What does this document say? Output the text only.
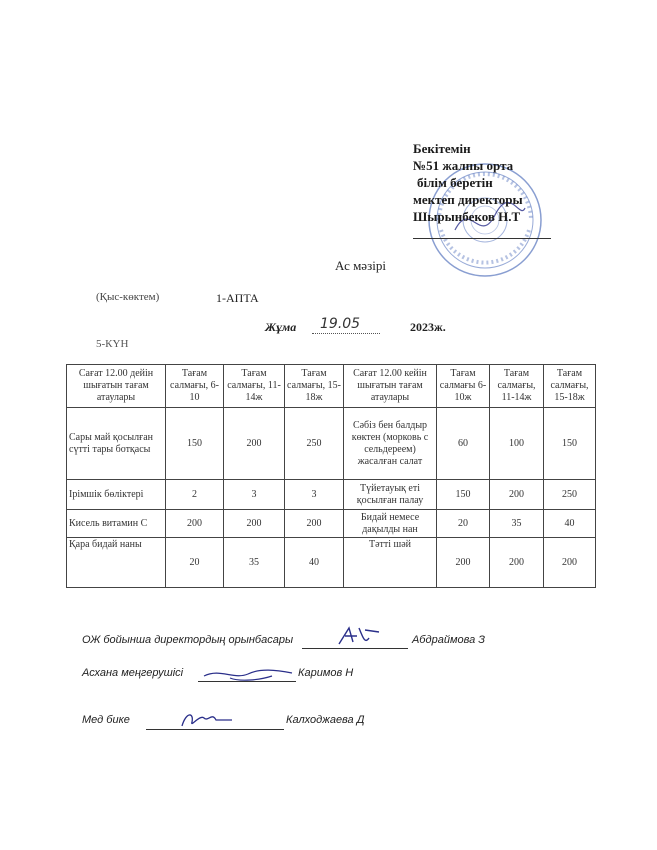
Бекітемін
№51 жалпы орта
білім беретін
мектеп директоры
Шырынбеков Н.Т
Ас мәзірі
(Қыс-көктем)	1-АПТА
Жұма 19.05	2023ж.
5-КҮН
Сағат 12.00 дейін шығатын тағам атаулары	Тағам салмағы, 6-10	Тағам салмағы, 11-14ж	Тағам салмағы, 15-18ж	Сағат 12.00 кейін шығатын тағам атаулары	Тағам салмағы 6-10ж	Тағам салмағы, 11-14ж	Тағам салмағы, 15-18ж
Сары май қосылған сүтті тары ботқасы	150	200	250	Сәбіз бен балдыр көктен (морковь с сельдереем) жасалған салат	60	100	150
Ірімшік бөліктері	2	3	3	Түйетауық еті қосылған палау	150	200	250
Кисель витамин С	200	200	200	Бидай немесе дақылды нан	20	35	40
Қара бидай наны	20	35	40	Тәтті шәй	200	200	200
ОЖ бойынша директордың орынбасары	Абдраймова З
Асхана меңгерушісі	Каримов Н
Мед бике	Калходжаева Д
